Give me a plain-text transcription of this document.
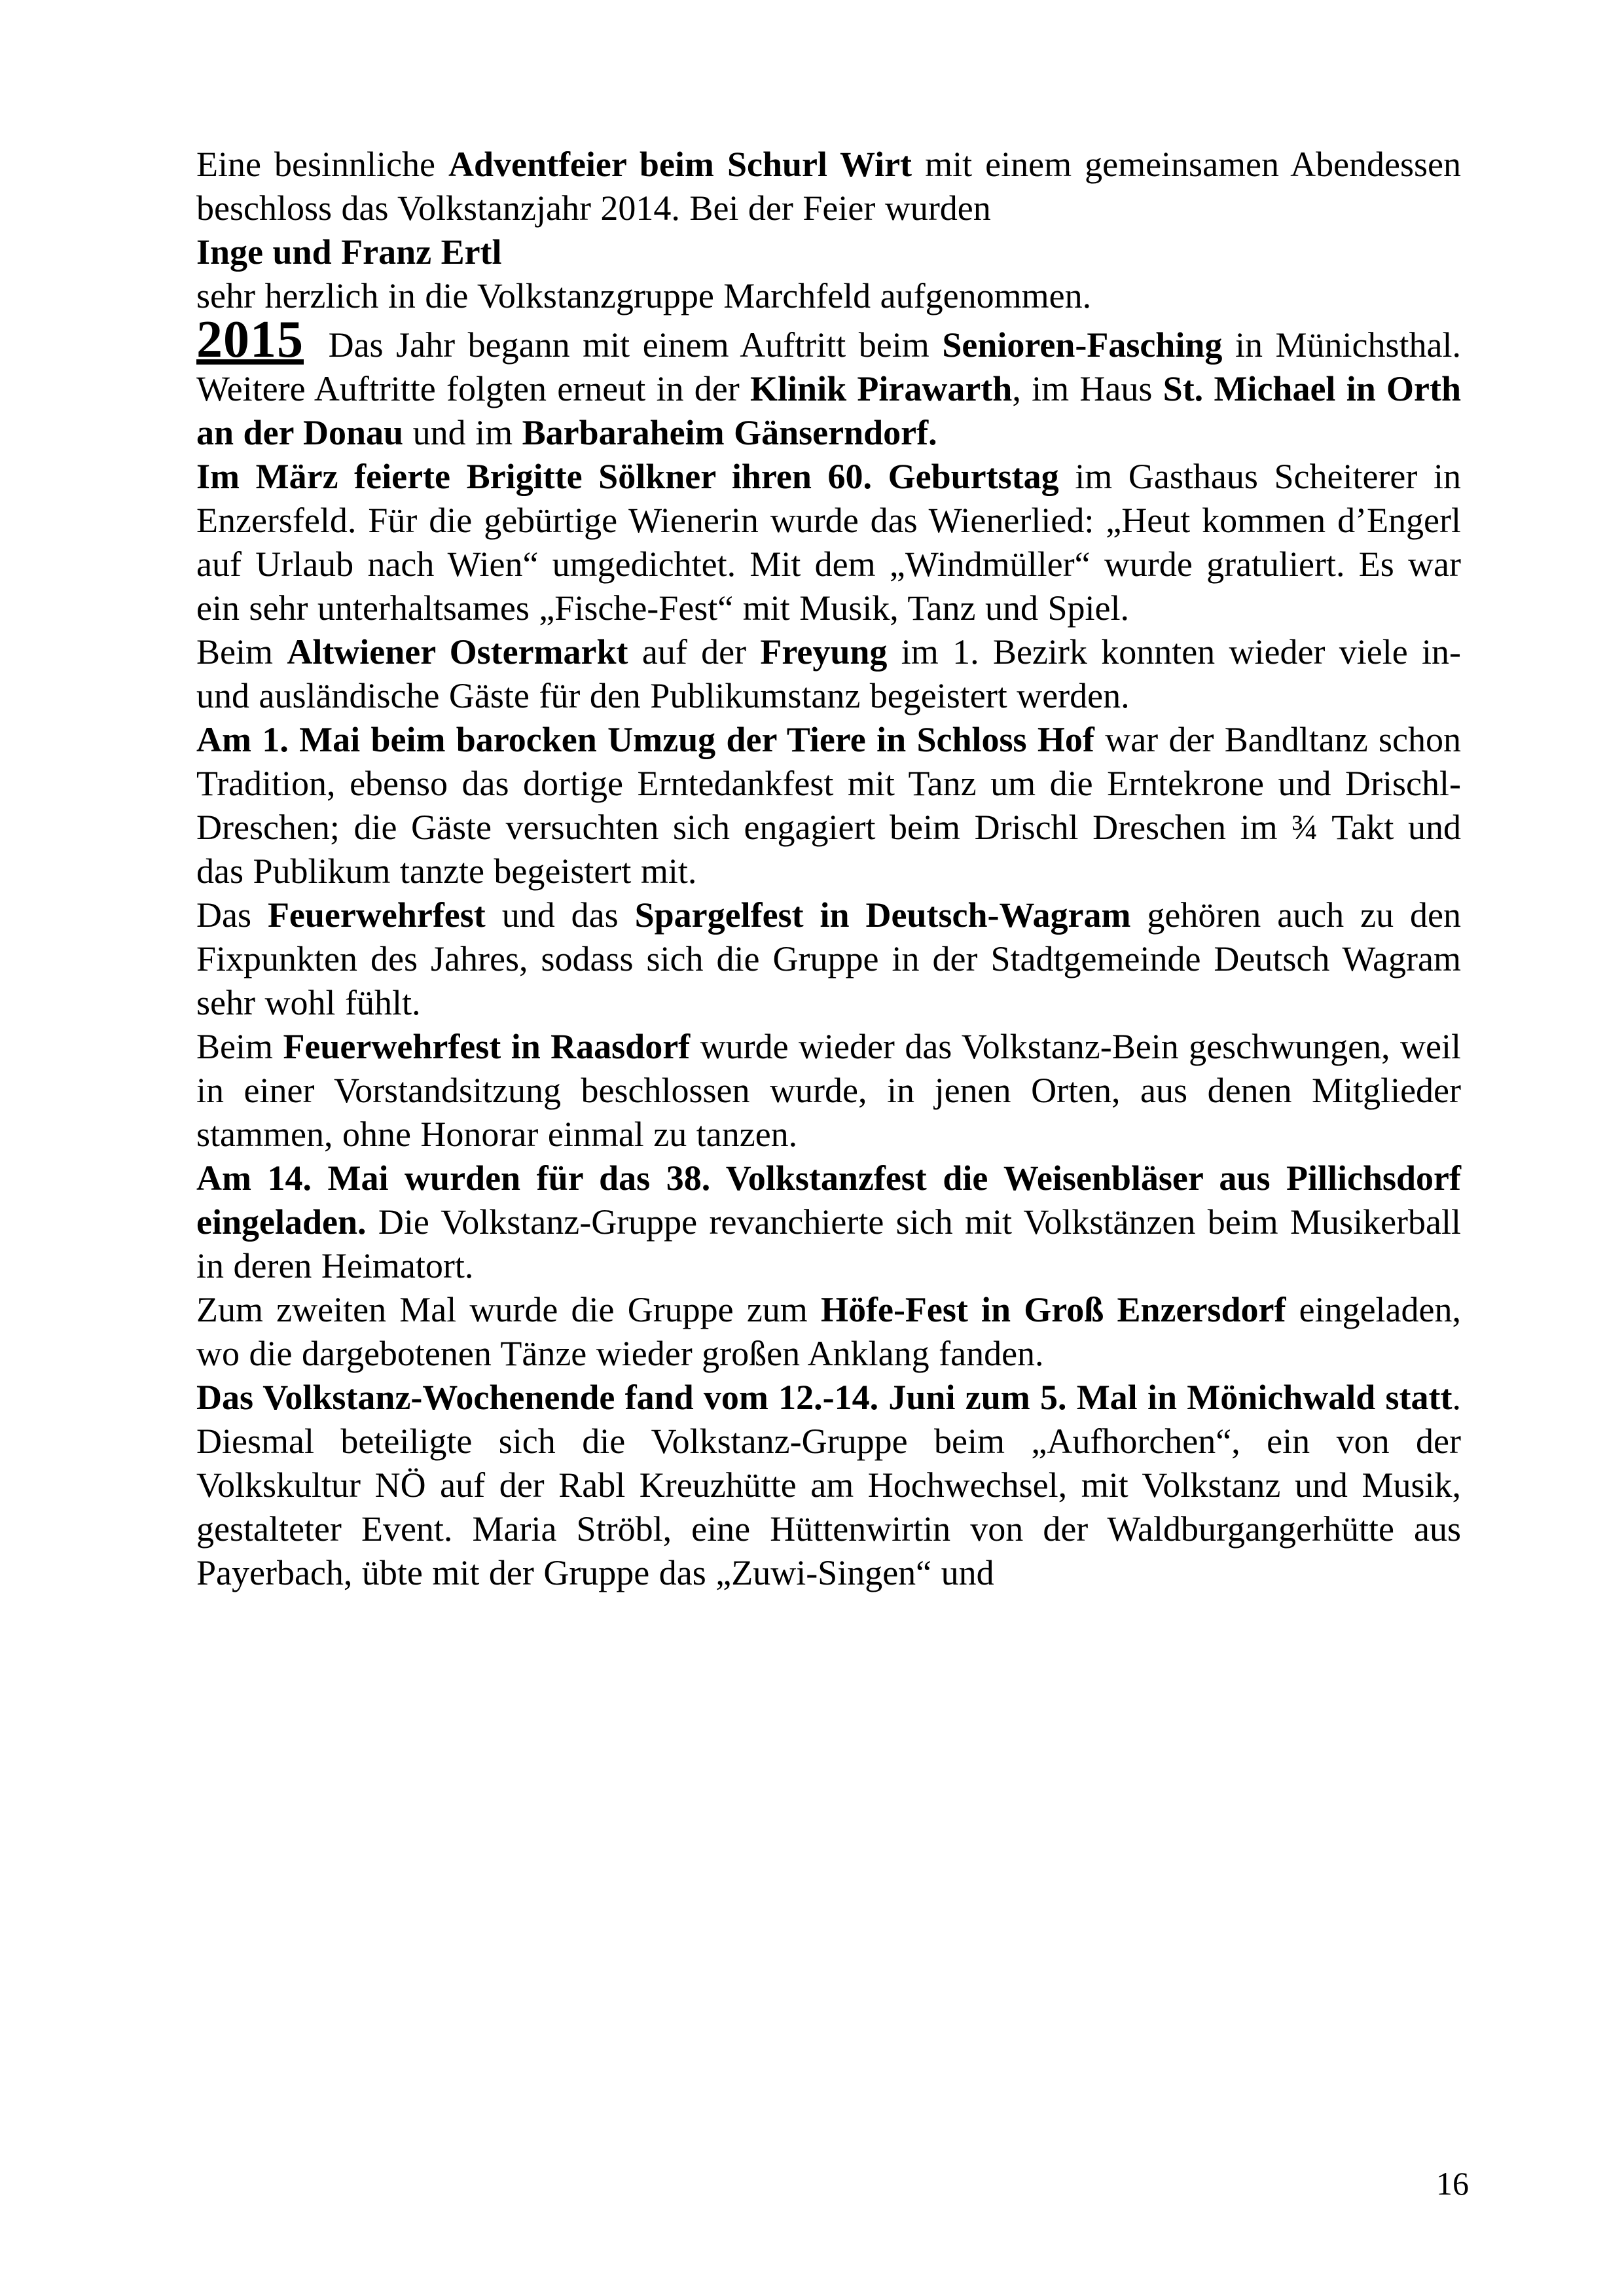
Eine besinnliche Adventfeier beim Schurl Wirt mit einem gemeinsamen Abendessen beschloss das Volkstanzjahr 2014. Bei der Feier wurden

Inge und Franz Ertl

sehr herzlich in die Volkstanzgruppe Marchfeld aufgenommen.

2015 Das Jahr begann mit einem Auftritt beim Senioren-Fasching in Münichsthal. Weitere Auftritte folgten erneut in der Klinik Pirawarth, im Haus St. Michael in Orth an der Donau und im Barbaraheim Gänserndorf.

Im März feierte Brigitte Sölkner ihren 60. Geburtstag im Gasthaus Scheiterer in Enzersfeld. Für die gebürtige Wienerin wurde das Wienerlied: „Heut kommen d’Engerl auf Urlaub nach Wien“ umgedichtet. Mit dem „Windmüller“ wurde gratuliert. Es war ein sehr unterhaltsames „Fische-Fest“ mit Musik, Tanz und Spiel.

Beim Altwiener Ostermarkt auf der Freyung im 1. Bezirk konnten wieder viele in- und ausländische Gäste für den Publikumstanz begeistert werden.

Am 1. Mai beim barocken Umzug der Tiere in Schloss Hof war der Bandltanz schon Tradition, ebenso das dortige Erntedankfest mit Tanz um die Erntekrone und Drischl-Dreschen; die Gäste versuchten sich engagiert beim Drischl Dreschen im ¾ Takt und das Publikum tanzte begeistert mit.

Das Feuerwehrfest und das Spargelfest in Deutsch-Wagram gehören auch zu den Fixpunkten des Jahres, sodass sich die Gruppe in der Stadtgemeinde Deutsch Wagram sehr wohl fühlt.

Beim Feuerwehrfest in Raasdorf wurde wieder das Volkstanz-Bein geschwungen, weil in einer Vorstandsitzung beschlossen wurde, in jenen Orten, aus denen Mitglieder stammen, ohne Honorar einmal zu tanzen.

Am 14. Mai wurden für das 38. Volkstanzfest die Weisenbläser aus Pillichsdorf eingeladen. Die Volkstanz-Gruppe revanchierte sich mit Volkstänzen beim Musikerball in deren Heimatort.

Zum zweiten Mal wurde die Gruppe zum Höfe-Fest in Groß Enzersdorf eingeladen, wo die dargebotenen Tänze wieder großen Anklang fanden.

Das Volkstanz-Wochenende fand vom 12.-14. Juni zum 5. Mal in Mönichwald statt. Diesmal beteiligte sich die Volkstanz-Gruppe beim „Aufhorchen“, ein von der Volkskultur NÖ auf der Rabl Kreuzhütte am Hochwechsel, mit Volkstanz und Musik, gestalteter Event. Maria Ströbl, eine Hüttenwirtin von der Waldburgangerhütte aus Payerbach, übte mit der Gruppe das „Zuwi-Singen“ und

16
